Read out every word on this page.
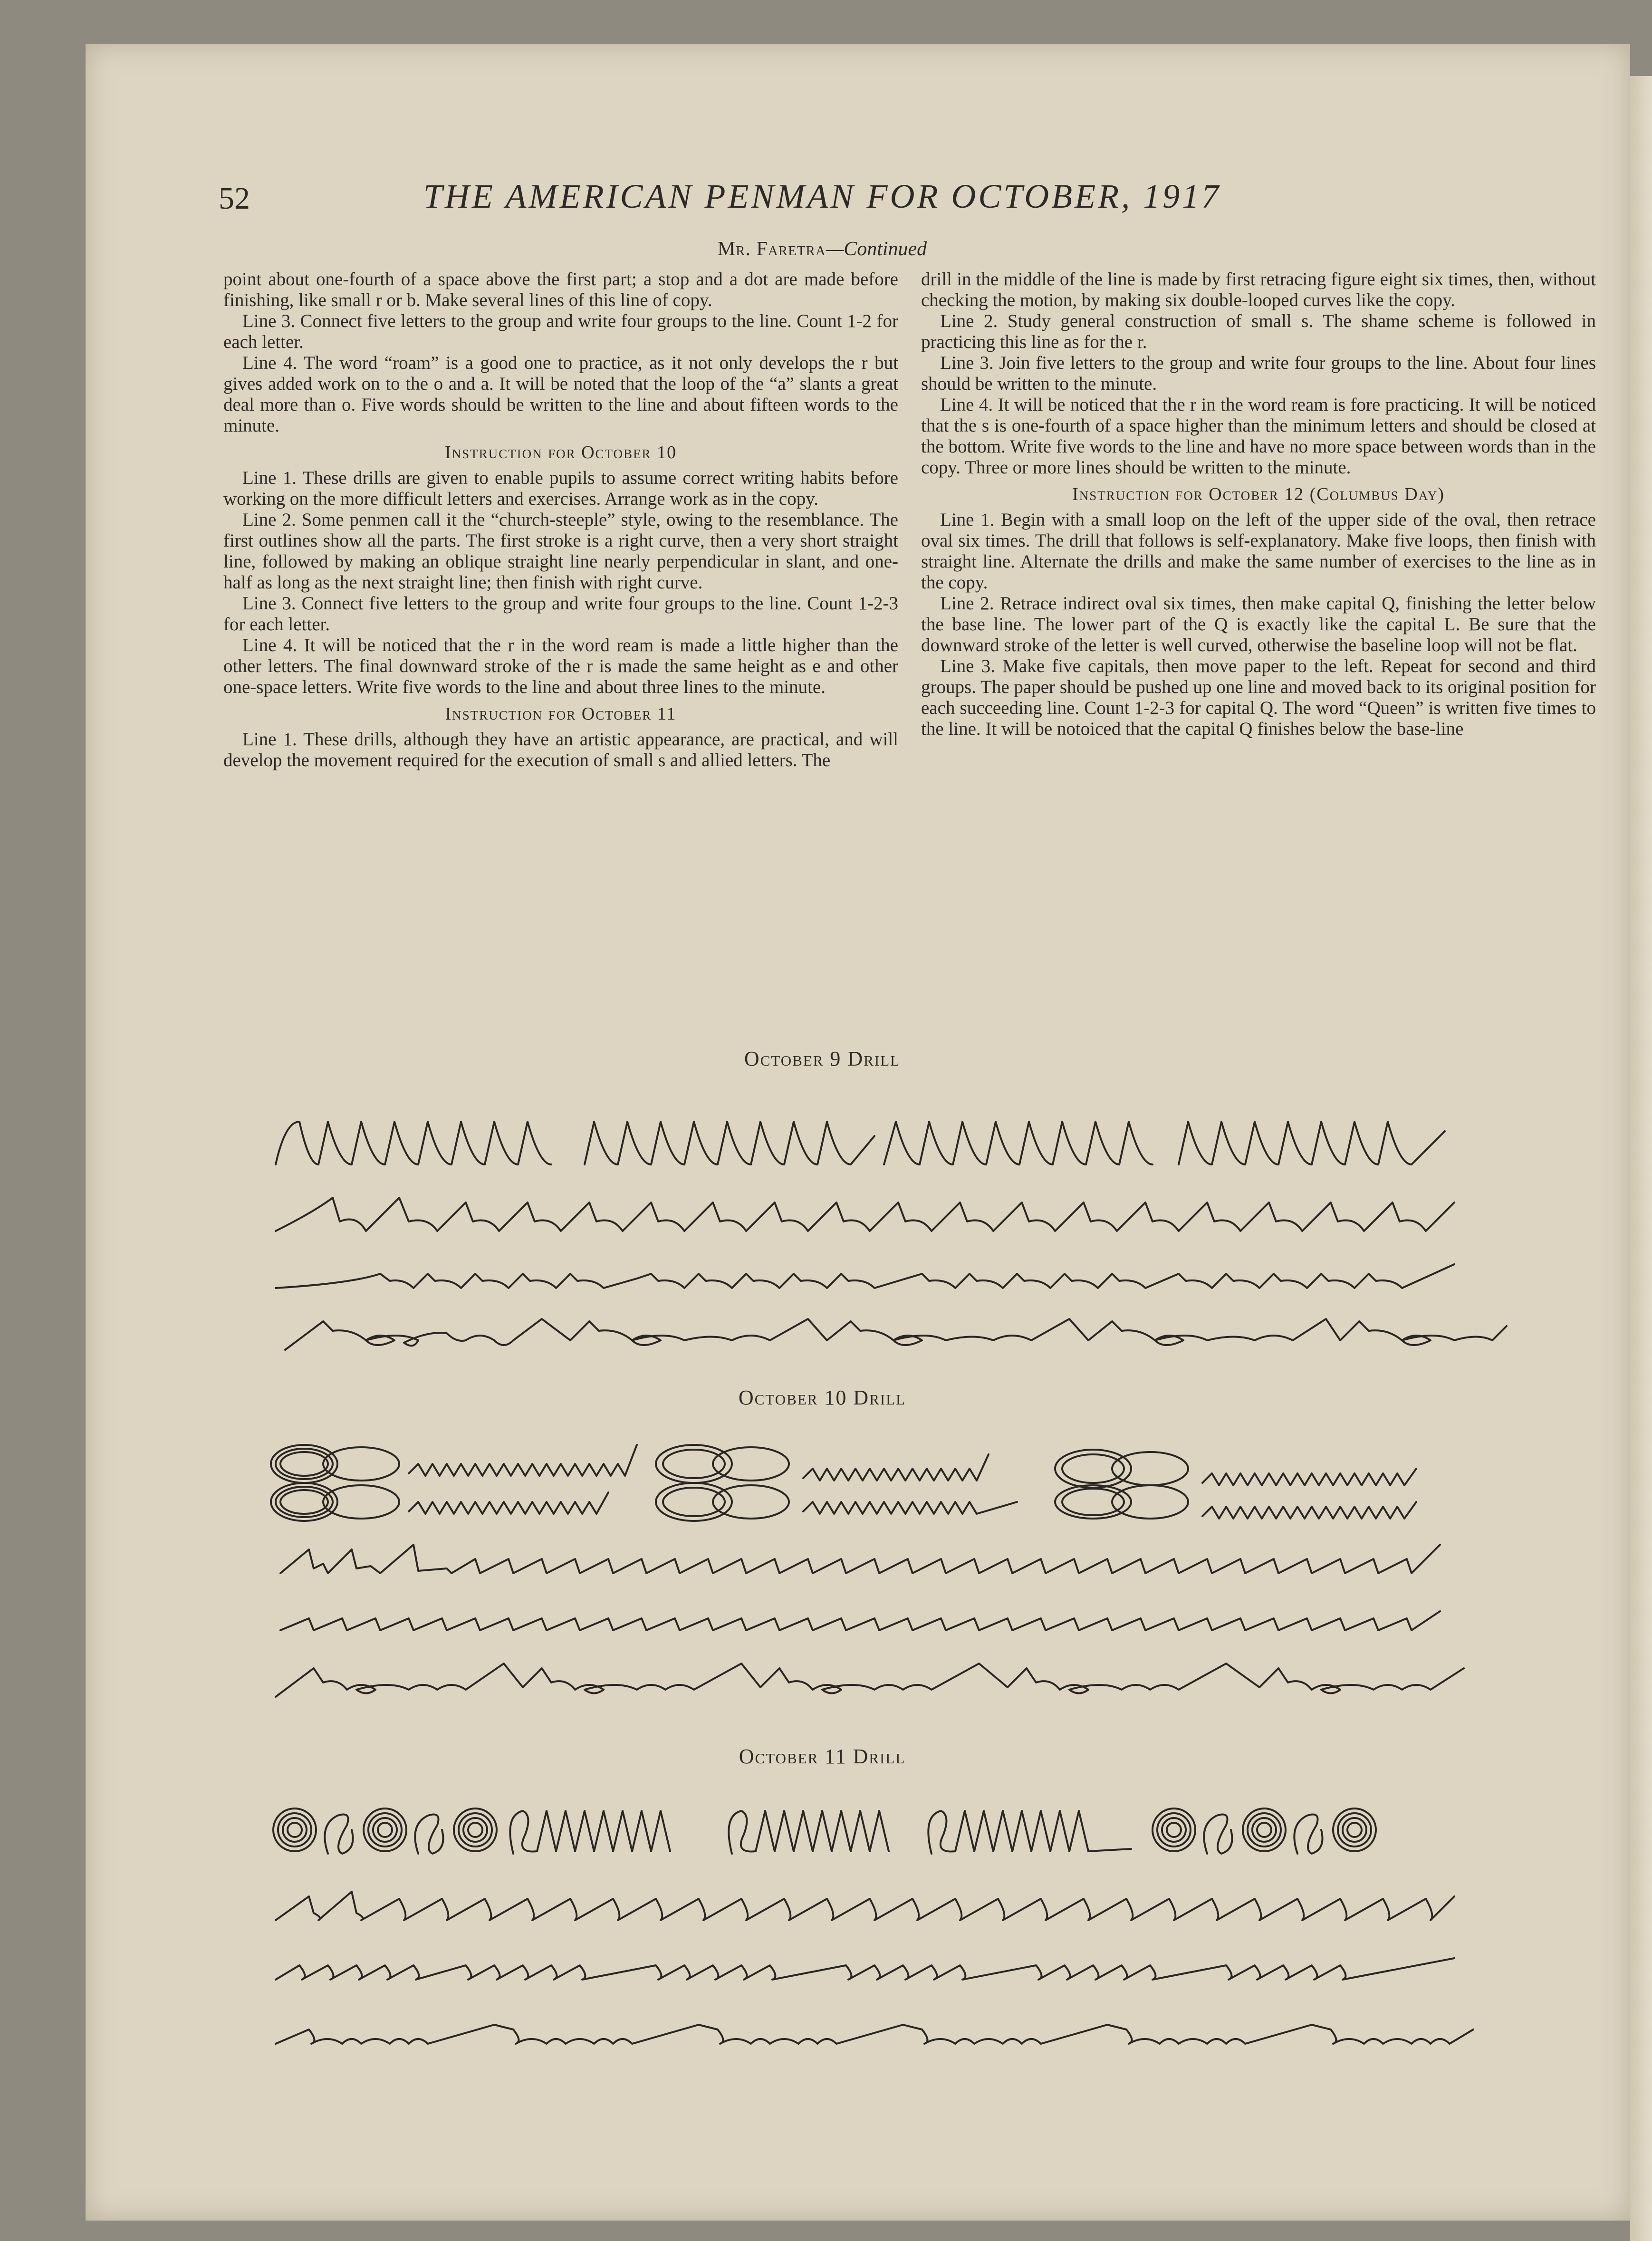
52	THE AMERICAN PENMAN FOR OCTOBER, 1917
Mr. Faretra—Continued

point about one-fourth of a space above the first part; a stop and a dot are made before finishing, like small r or b. Make several lines of this line of copy.

Line 3. Connect five letters to the group and write four groups to the line. Count 1-2 for each letter.

Line 4. The word “roam” is a good one to practice, as it not only develops the r but gives added work on to the o and a. It will be noted that the loop of the “a” slants a great deal more than o. Five words should be written to the line and about fifteen words to the minute.

Instruction for October 10

Line 1. These drills are given to enable pupils to assume correct writing habits before working on the more difficult letters and exercises. Arrange work as in the copy.

Line 2. Some penmen call it the “church-steeple” style, owing to the resemblance. The first outlines show all the parts. The first stroke is a right curve, then a very short straight line, followed by making an oblique straight line nearly perpendicular in slant, and one-half as long as the next straight line; then finish with right curve.

Line 3. Connect five letters to the group and write four groups to the line. Count 1-2-3 for each letter.

Line 4. It will be noticed that the r in the word ream is made a little higher than the other letters. The final downward stroke of the r is made the same height as e and other one-space letters. Write five words to the line and about three lines to the minute.

Instruction for October 11

Line 1. These drills, although they have an artistic appearance, are practical, and will develop the movement required for the execution of small s and allied letters. The

drill in the middle of the line is made by first retracing figure eight six times, then, without checking the motion, by making six double-looped curves like the copy.

Line 2. Study general construction of small s. The shame scheme is followed in practicing this line as for the r.

Line 3. Join five letters to the group and write four groups to the line. About four lines should be written to the minute.

Line 4. It will be noticed that the r in the word ream is fore practicing. It will be noticed that the s is one-fourth of a space higher than the minimum letters and should be closed at the bottom. Write five words to the line and have no more space between words than in the copy. Three or more lines should be written to the minute.

Instruction for October 12 (Columbus Day)

Line 1. Begin with a small loop on the left of the upper side of the oval, then retrace oval six times. The drill that follows is self-explanatory. Make five loops, then finish with straight line. Alternate the drills and make the same number of exercises to the line as in the copy.

Line 2. Retrace indirect oval six times, then make capital Q, finishing the letter below the base line. The lower part of the Q is exactly like the capital L. Be sure that the downward stroke of the letter is well curved, otherwise the baseline loop will not be flat.

Line 3. Make five capitals, then move paper to the left. Repeat for second and third groups. The paper should be pushed up one line and moved back to its original position for each succeeding line. Count 1-2-3 for capital Q. The word “Queen” is written five times to the line. It will be notoiced that the capital Q finishes below the base-line

October 9 Drill
October 10 Drill
October 11 Drill
